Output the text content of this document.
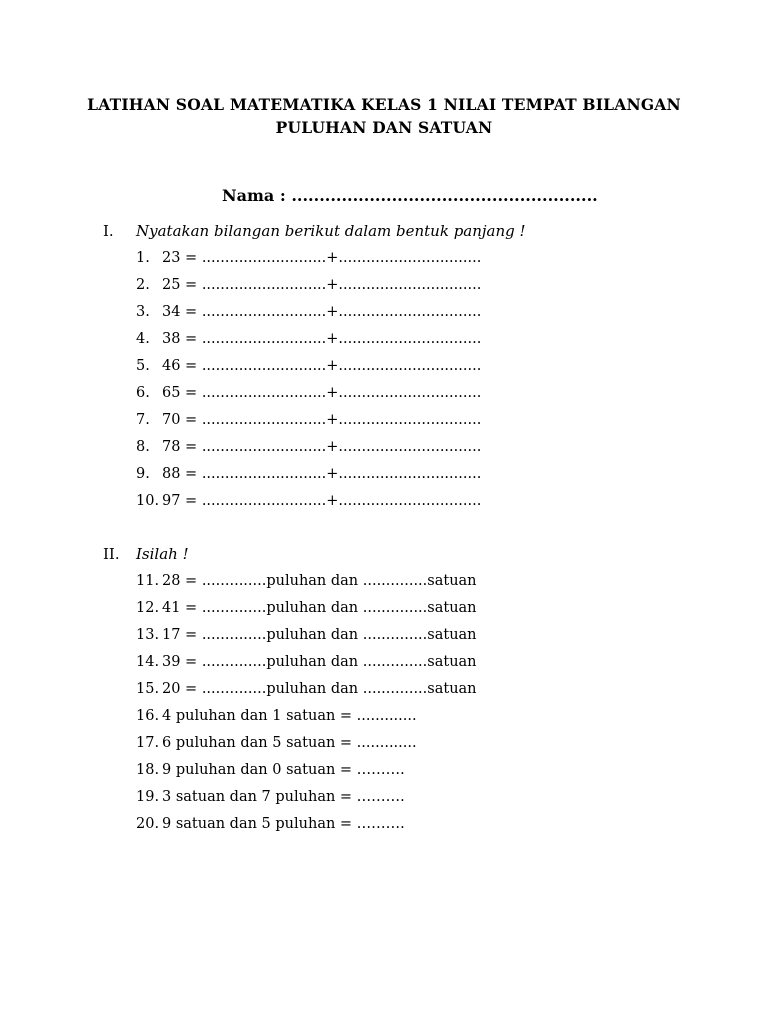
LATIHAN SOAL MATEMATIKA KELAS 1 NILAI TEMPAT BILANGAN
PULUHAN DAN SATUAN
Nama : .......................................................
I. Nyatakan bilangan berikut dalam bentuk panjang !
1. 23 = ...........................+...............................
2. 25 = ...........................+...............................
3. 34 = ...........................+...............................
4. 38 = ...........................+...............................
5. 46 = ...........................+...............................
6. 65 = ...........................+...............................
7. 70 = ...........................+...............................
8. 78 = ...........................+...............................
9. 88 = ...........................+...............................
10. 97 = ...........................+...............................
II. Isilah !
11. 28 = ..............puluhan dan ..............satuan
12. 41 = ..............puluhan dan ..............satuan
13. 17 = ..............puluhan dan ..............satuan
14. 39 = ..............puluhan dan ..............satuan
15. 20 = ..............puluhan dan ..............satuan
16. 4 puluhan dan 1 satuan = .............
17. 6 puluhan dan 5 satuan = .............
18. 9 puluhan dan 0 satuan = ……….
19. 3 satuan dan 7 puluhan = ……….
20. 9 satuan dan 5 puluhan = ……….
